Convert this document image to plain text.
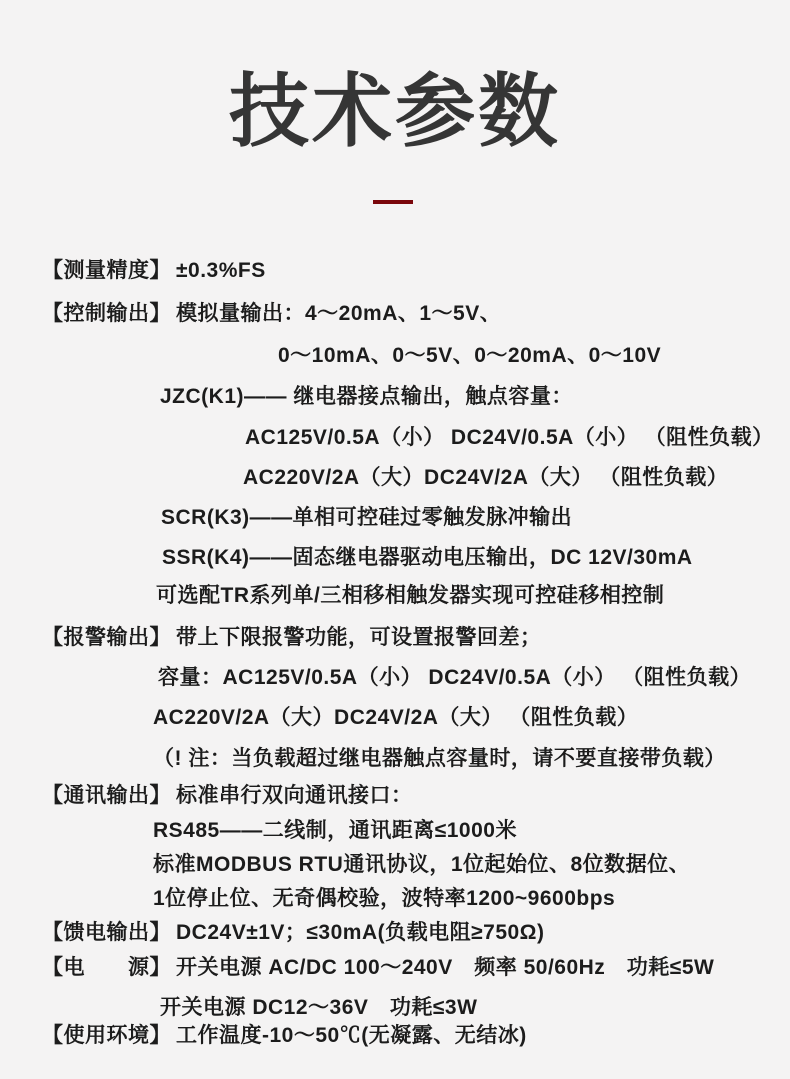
技术参数
【测量精度】 ±0.3%FS
【控制输出】 模拟量输出：4～20mA、1～5V、
0～10mA、0～5V、0～20mA、0～10V
JZC(K1)—— 继电器接点输出，触点容量：
AC125V/0.5A（小） DC24V/0.5A（小） （阻性负载）
AC220V/2A（大）DC24V/2A（大） （阻性负载）
SCR(K3)——单相可控硅过零触发脉冲输出
SSR(K4)——固态继电器驱动电压输出，DC 12V/30mA
可选配TR系列单/三相移相触发器实现可控硅移相控制
【报警输出】 带上下限报警功能，可设置报警回差；
容量：AC125V/0.5A（小） DC24V/0.5A（小） （阻性负载）
AC220V/2A（大）DC24V/2A（大） （阻性负载）
（! 注：当负载超过继电器触点容量时，请不要直接带负载）
【通讯输出】 标准串行双向通讯接口：
RS485——二线制，通讯距离≤1000米
标准MODBUS RTU通讯协议，1位起始位、8位数据位、
1位停止位、无奇偶校验，波特率1200~9600bps
【馈电输出】 DC24V±1V；≤30mA(负载电阻≥750Ω)
【电　　源】 开关电源 AC/DC 100～240V　频率 50/60Hz　功耗≤5W
开关电源 DC12～36V　功耗≤3W
【使用环境】 工作温度-10～50℃(无凝露、无结冰)
